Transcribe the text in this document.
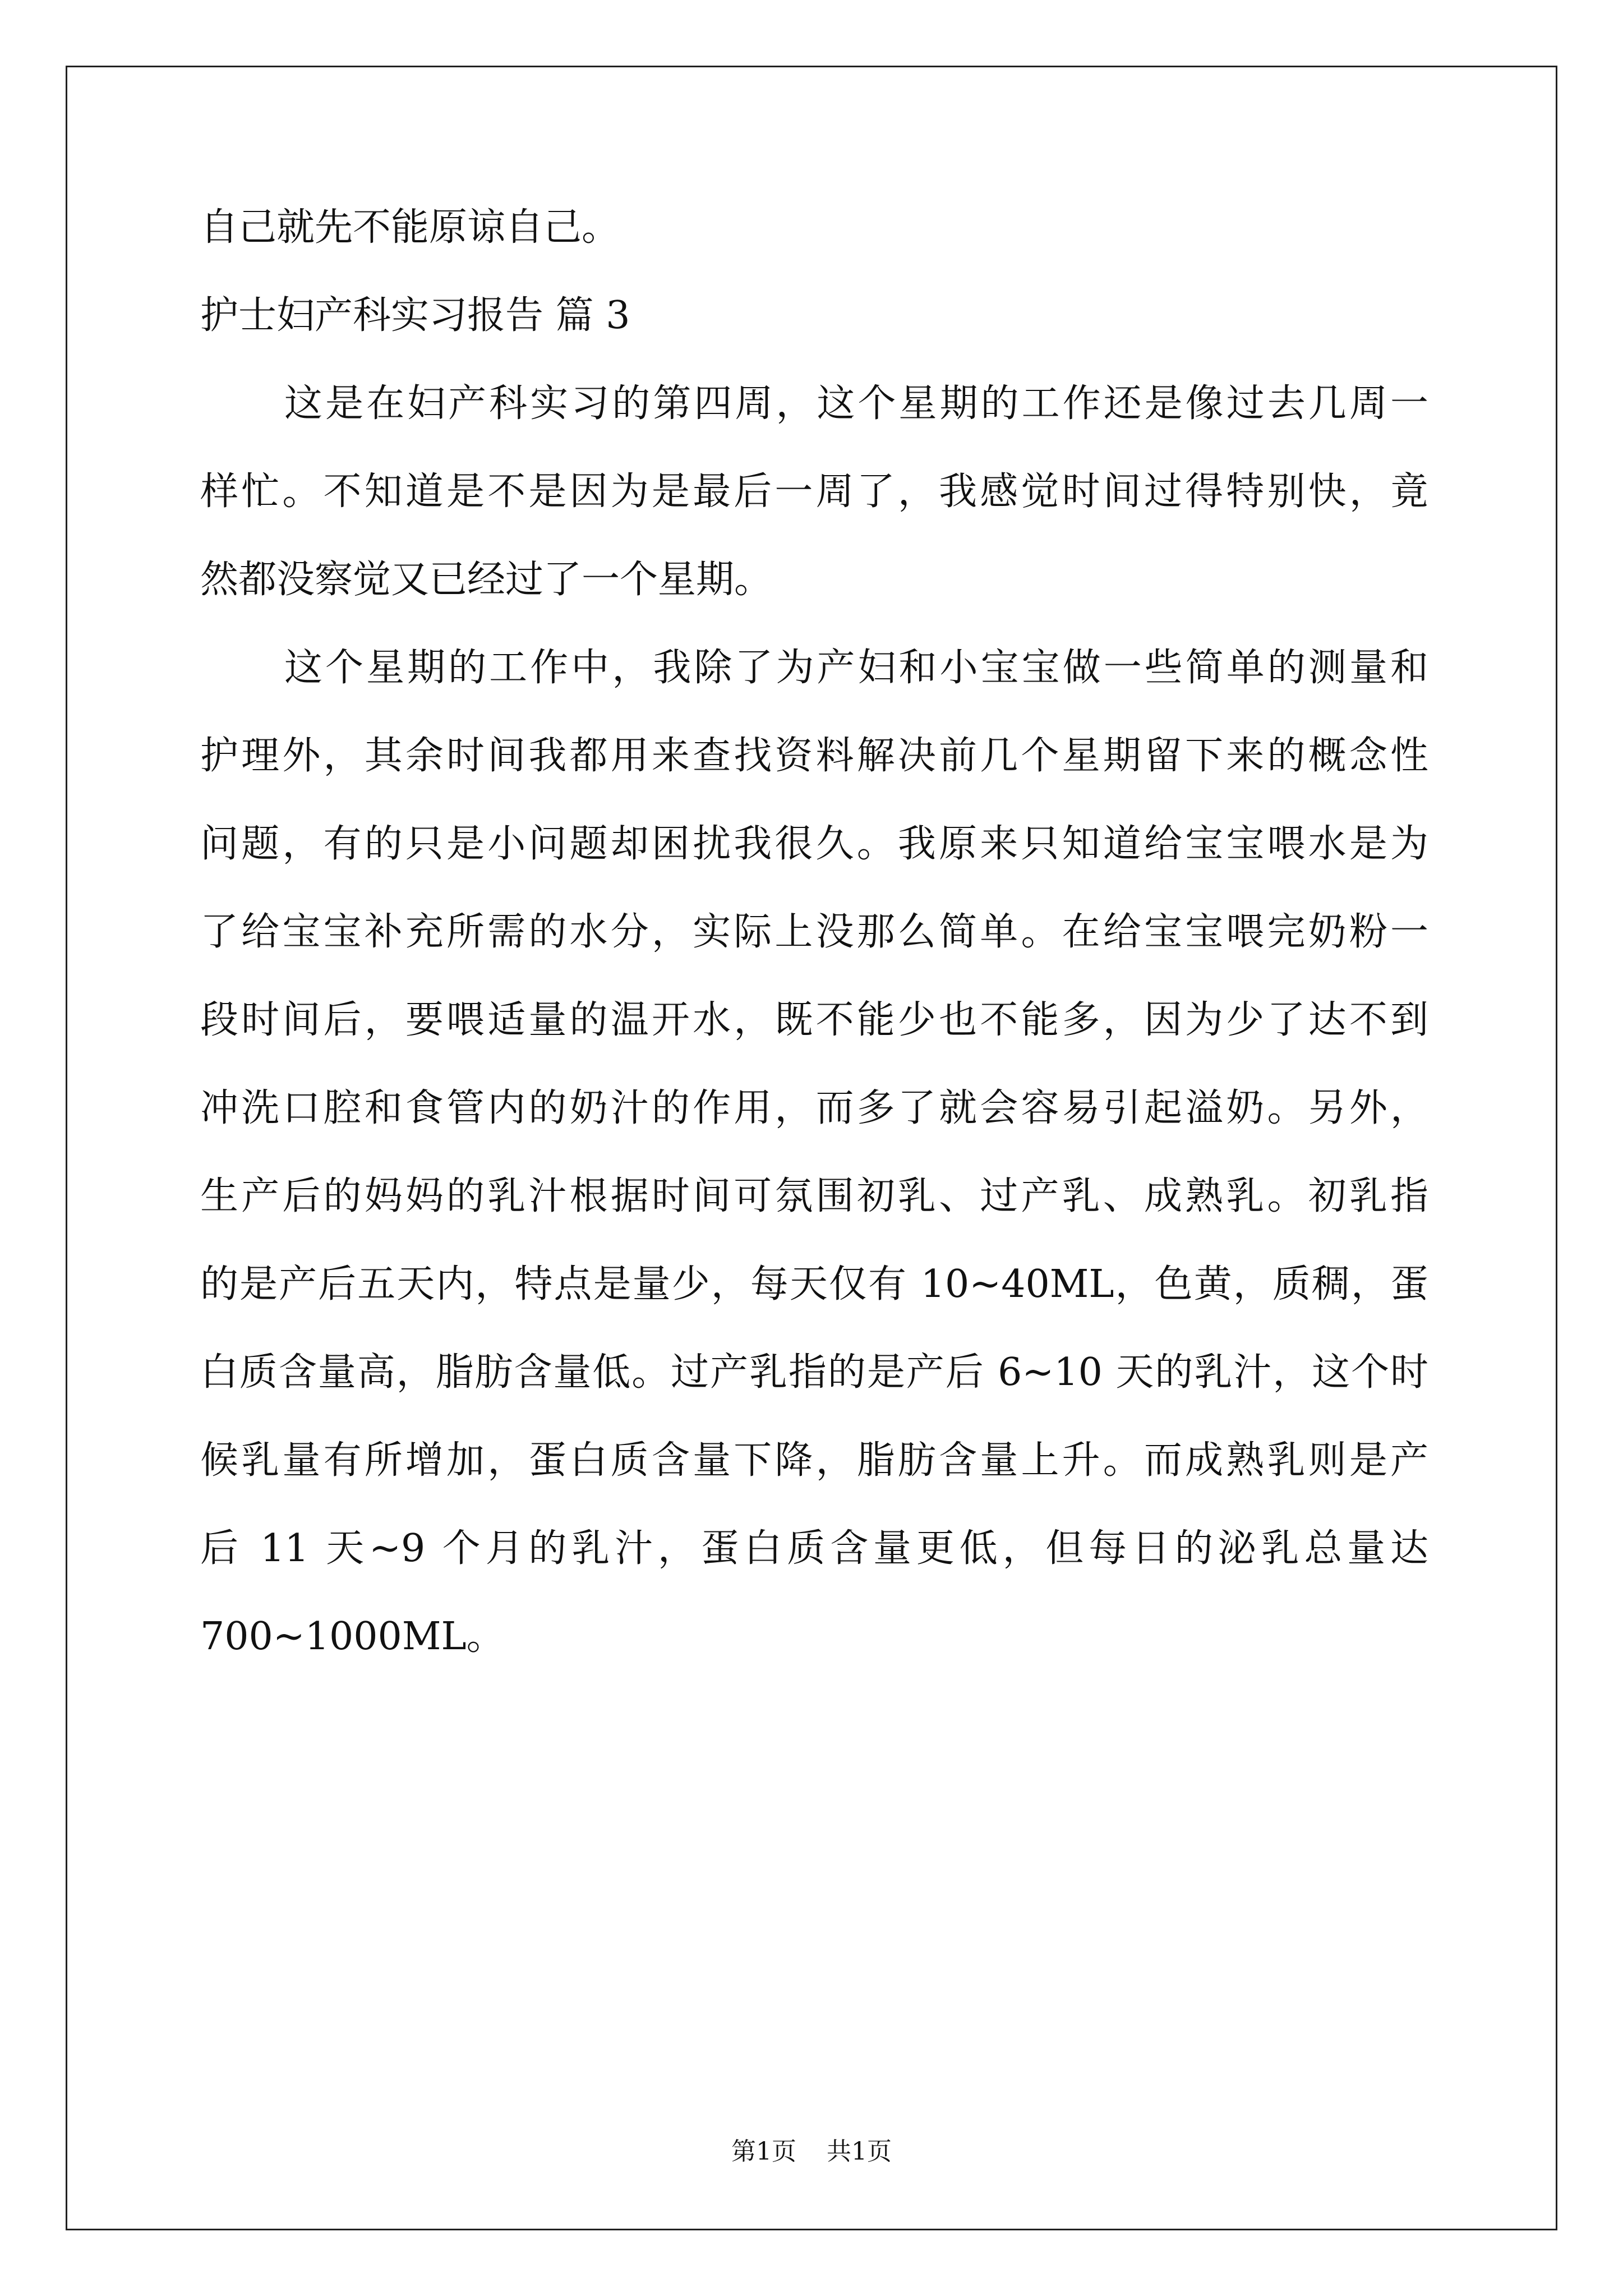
自己就先不能原谅自己。

护士妇产科实习报告 篇 3

这是在妇产科实习的第四周，这个星期的工作还是像过去几周一

样忙。不知道是不是因为是最后一周了，我感觉时间过得特别快，竟

然都没察觉又已经过了一个星期。

这个星期的工作中，我除了为产妇和小宝宝做一些简单的测量和

护理外，其余时间我都用来查找资料解决前几个星期留下来的概念性

问题，有的只是小问题却困扰我很久。我原来只知道给宝宝喂水是为

了给宝宝补充所需的水分，实际上没那么简单。在给宝宝喂完奶粉一

段时间后，要喂适量的温开水，既不能少也不能多，因为少了达不到

冲洗口腔和食管内的奶汁的作用，而多了就会容易引起溢奶。另外，

生产后的妈妈的乳汁根据时间可氛围初乳、过产乳、成熟乳。初乳指

的是产后五天内，特点是量少，每天仅有 10~40ML，色黄，质稠，蛋

白质含量高，脂肪含量低。过产乳指的是产后 6~10 天的乳汁，这个时

候乳量有所增加，蛋白质含量下降，脂肪含量上升。而成熟乳则是产

后 11 天~9 个月的乳汁，蛋白质含量更低，但每日的泌乳总量达

700~1000ML。

第1页 共1页
